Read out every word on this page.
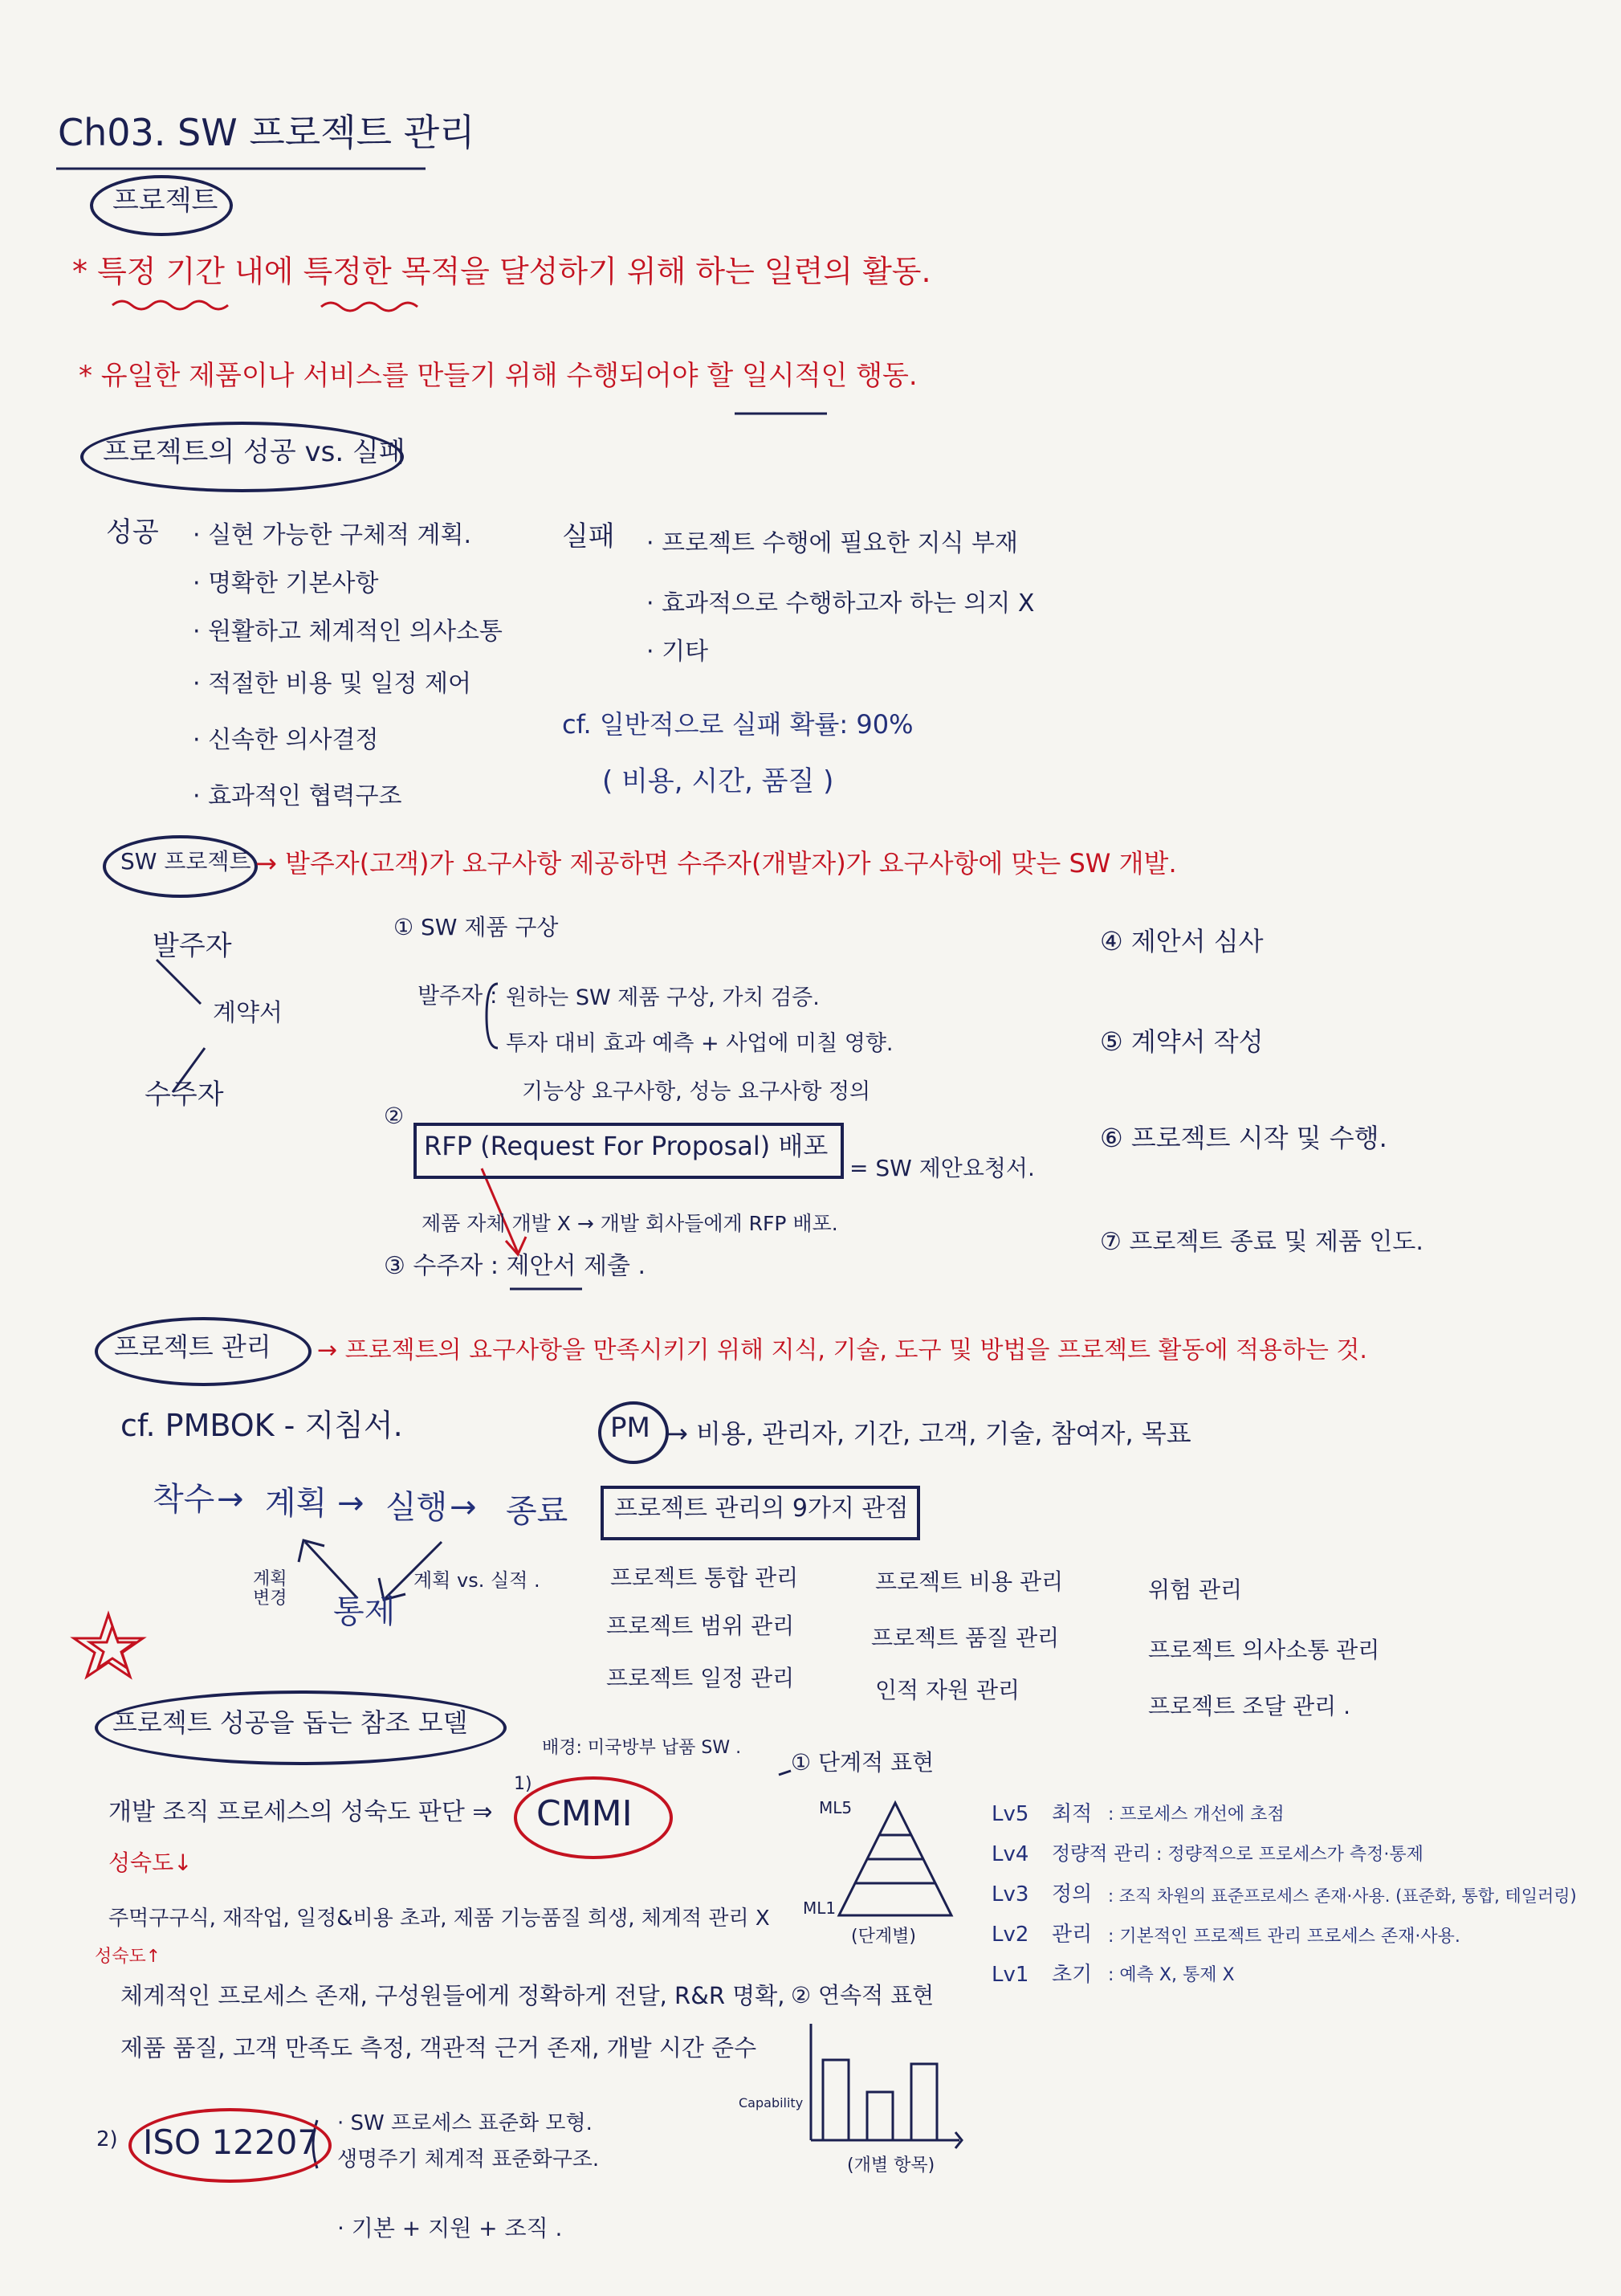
Ch03. SW 프로젝트 관리
프로젝트
* 특정 기간 내에 특정한 목적을 달성하기 위해 하는 일련의 활동.
* 유일한 제품이나 서비스를 만들기 위해 수행되어야 할 일시적인 행동.
프로젝트의 성공 vs. 실패
성공 · 실현 가능한 구체적 계획.
· 명확한 기본사항
· 원활하고 체계적인 의사소통
· 적절한 비용 및 일정 제어
· 신속한 의사결정
· 효과적인 협력구조
실패 · 프로젝트 수행에 필요한 지식 부재
· 효과적으로 수행하고자 하는 의지 X
· 기타
cf. 일반적으로 실패 확률: 90%
( 비용, 시간, 품질 )
SW 프로젝트 → 발주자(고객)가 요구사항 제공하면 수주자(개발자)가 요구사항에 맞는 SW 개발.
발주자
계약서
수주자
① SW 제품 구상
발주자 : 원하는 SW 제품 구상, 가치 검증.
투자 대비 효과 예측 + 사업에 미칠 영향.
기능상 요구사항, 성능 요구사항 정의
②
RFP (Request For Proposal) 배포
= SW 제안요청서.
제품 자체 개발 X → 개발 회사들에게 RFP 배포.
③ 수주자 : 제안서 제출 .
④ 제안서 심사
⑤ 계약서 작성
⑥ 프로젝트 시작 및 수행.
⑦ 프로젝트 종료 및 제품 인도.
프로젝트 관리 → 프로젝트의 요구사항을 만족시키기 위해 지식, 기술, 도구 및 방법을 프로젝트 활동에 적용하는 것.
cf. PMBOK - 지침서.	PM → 비용, 관리자, 기간, 고객, 기술, 참여자, 목표
착수 → 계획 → 실행 → 종료
통제
계획 변경
계획 vs. 실적 .
프로젝트 관리의 9가지 관점
프로젝트 통합 관리
프로젝트 범위 관리
프로젝트 일정 관리
프로젝트 비용 관리
프로젝트 품질 관리
인적 자원 관리
위험 관리
프로젝트 의사소통 관리
프로젝트 조달 관리 .
프로젝트 성공을 돕는 참조 모델
배경: 미국방부 납품 SW .
개발 조직 프로세스의 성숙도 판단 ⇒
1)
CMMI
성숙도↓
주먹구구식, 재작업, 일정&비용 초과, 제품 기능품질 희생, 체계적 관리 X
성숙도↑
체계적인 프로세스 존재, 구성원들에게 정확하게 전달, R&R 명확,
제품 품질, 고객 만족도 측정, 객관적 근거 존재, 개발 시간 준수
① 단계적 표현
ML5
ML1
(단계별)
② 연속적 표현
Capability
(개별 항목)
Lv5 최적 : 프로세스 개선에 초점
Lv4 정량적 관리 : 정량적으로 프로세스가 측정·통제
Lv3 정의 : 조직 차원의 표준프로세스 존재·사용. (표준화, 통합, 테일러링)
Lv2 관리 : 기본적인 프로젝트 관리 프로세스 존재·사용.
Lv1 초기 : 예측 X, 통제 X
2) ISO 12207 · SW 프로세스 표준화 모형.
생명주기 체계적 표준화구조.
· 기본 + 지원 + 조직 .
